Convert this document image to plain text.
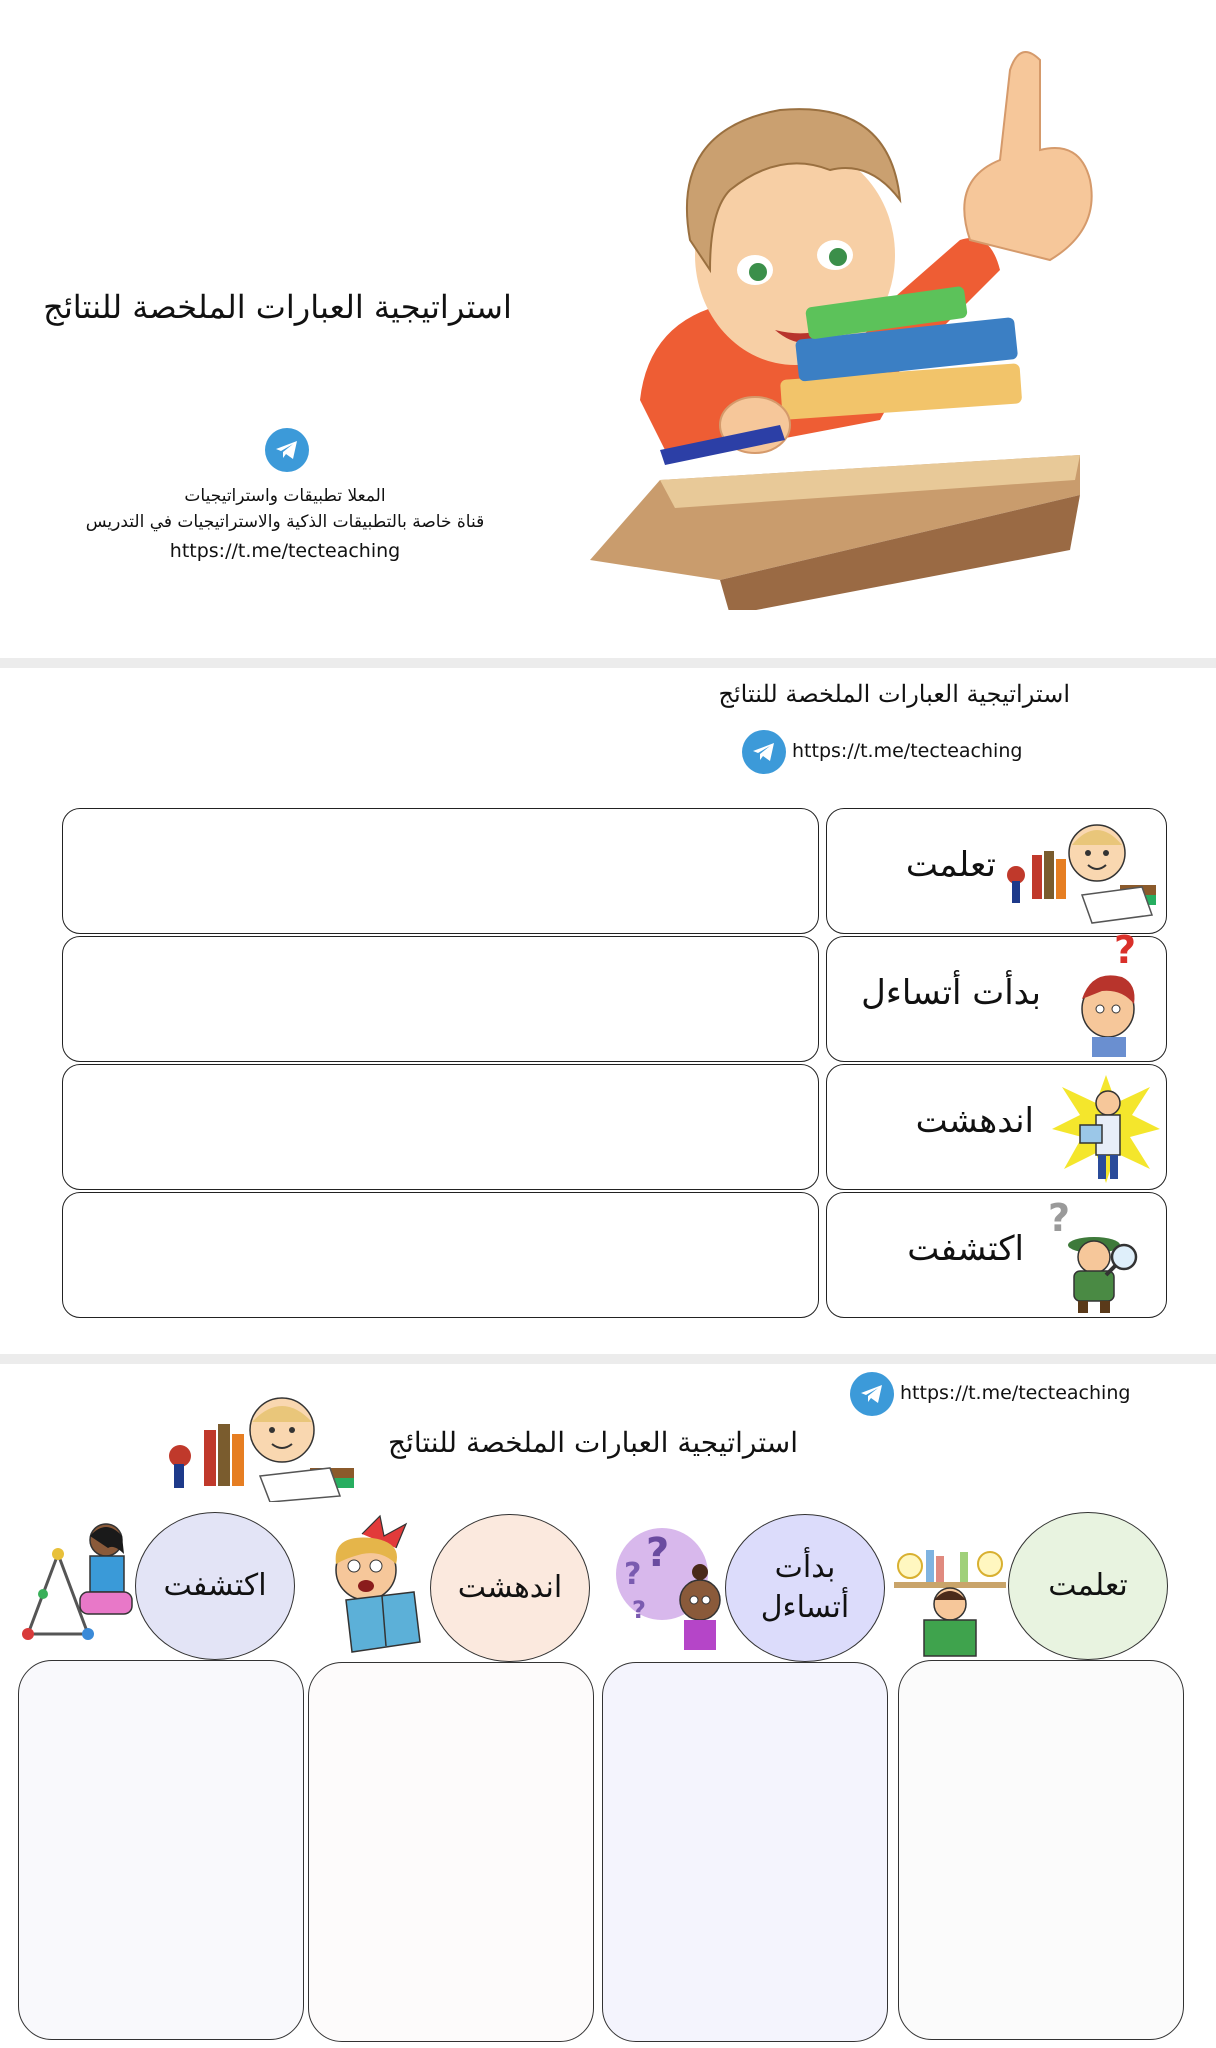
استراتيجية العبارات الملخصة للنتائج
المعلا تطبيقات واستراتيجيات
قناة خاصة بالتطبيقات الذكية والاستراتيجيات في التدريس
https://t.me/tecteaching
استراتيجية العبارات الملخصة للنتائج
https://t.me/tecteaching
تعلمت
بدأت أتساءل
?
اندهشت
اكتشفت
?
https://t.me/tecteaching
استراتيجية العبارات الملخصة للنتائج
تعلمت
بدأت
أتساءل
? ?
?
اندهشت
اكتشفت
